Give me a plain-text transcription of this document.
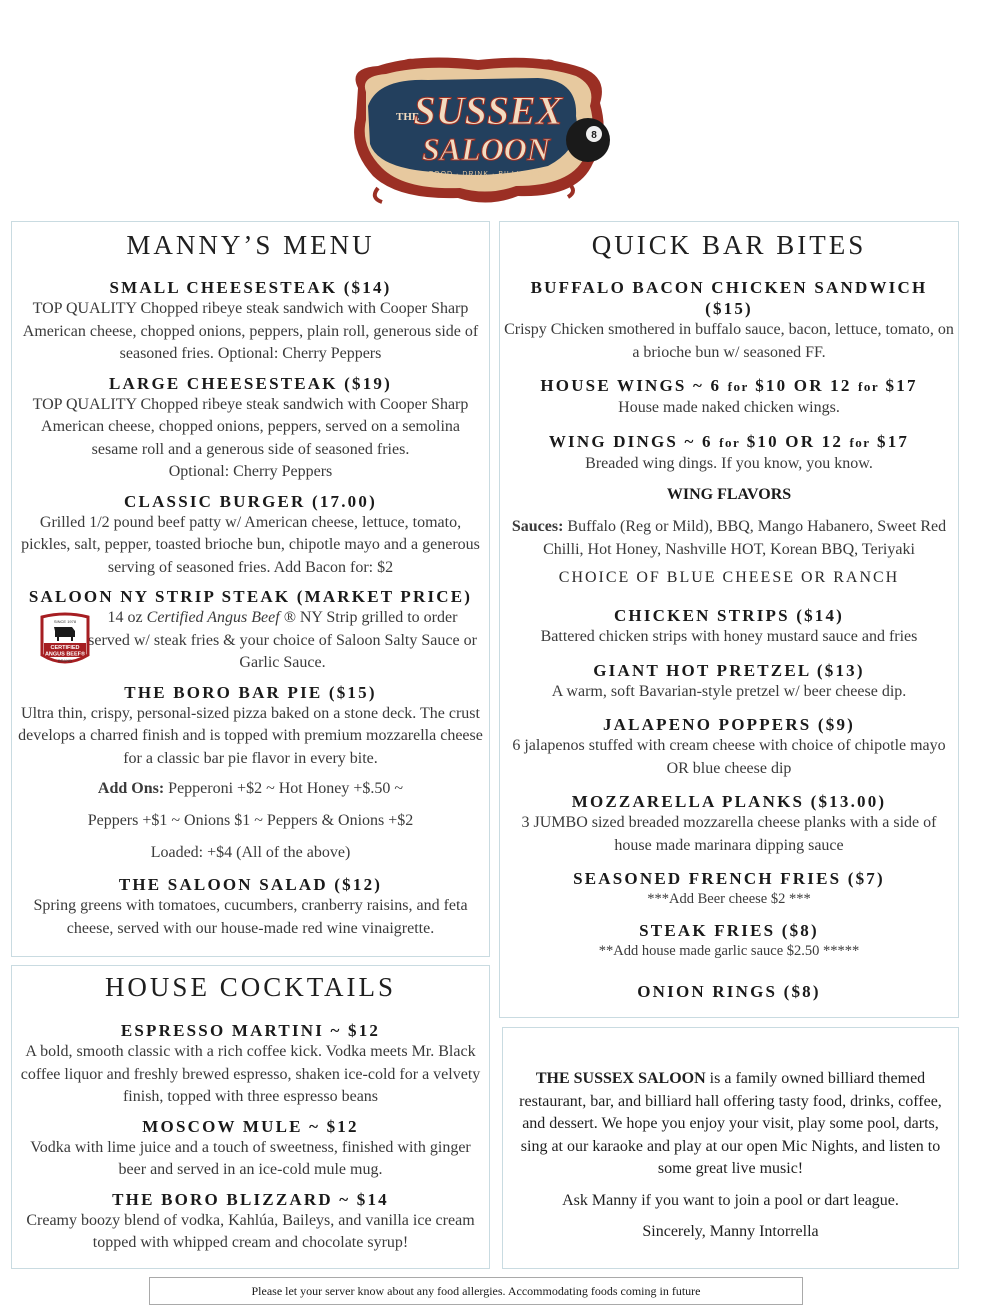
8
THE
SUSSEX
SALOON
FOOD · DRINK · BILLIARDS
MANNY’S MENU

SMALL CHEESESTEAK ($14)

TOP QUALITY Chopped ribeye steak sandwich with Cooper Sharp American cheese, chopped onions, peppers, plain roll, generous side of seasoned fries. Optional: Cherry Peppers

LARGE CHEESESTEAK ($19)

TOP QUALITY Chopped ribeye steak sandwich with Cooper Sharp American cheese, chopped onions, peppers, served on a semolina sesame roll and a generous side of seasoned fries.

Optional: Cherry Peppers

CLASSIC BURGER (17.00)

Grilled 1/2 pound beef patty w/ American cheese, lettuce, tomato, pickles, salt, pepper, toasted brioche bun, chipotle mayo and a generous serving of seasoned fries. Add Bacon for: $2

SALOON NY STRIP STEAK (MARKET PRICE)

SINCE 1978
CERTIFIED
ANGUS BEEF®
BRAND

14 oz Certified Angus Beef ® NY Strip grilled to order served w/ steak fries & your choice of Saloon Salty Sauce or Garlic Sauce.

THE BORO BAR PIE ($15)

Ultra thin, crispy, personal-sized pizza baked on a stone deck. The crust develops a charred finish and is topped with premium mozzarella cheese for a classic bar pie flavor in every bite.

Add Ons: Pepperoni +$2 ~ Hot Honey +$.50 ~

Peppers +$1 ~ Onions $1 ~ Peppers & Onions +$2

Loaded: +$4 (All of the above)

THE SALOON SALAD ($12)

Spring greens with tomatoes, cucumbers, cranberry raisins, and feta cheese, served with our house-made red wine vinaigrette.

HOUSE COCKTAILS

ESPRESSO MARTINI ~ $12

A bold, smooth classic with a rich coffee kick. Vodka meets Mr. Black coffee liquor and freshly brewed espresso, shaken ice-cold for a velvety finish, topped with three espresso beans

MOSCOW MULE ~ $12

Vodka with lime juice and a touch of sweetness, finished with ginger beer and served in an ice-cold mule mug.

THE BORO BLIZZARD ~ $14

Creamy boozy blend of vodka, Kahlúa, Baileys, and vanilla ice cream topped with whipped cream and chocolate syrup!

QUICK BAR BITES

BUFFALO BACON CHICKEN SANDWICH ($15)

Crispy Chicken smothered in buffalo sauce, bacon, lettuce, tomato, on a brioche bun w/ seasoned FF.

HOUSE WINGS ~ 6 for $10 OR 12 for $17

House made naked chicken wings.

WING DINGS ~ 6 for $10 OR 12 for $17

Breaded wing dings. If you know, you know.

WING FLAVORS

Sauces: Buffalo (Reg or Mild), BBQ, Mango Habanero, Sweet Red Chilli, Hot Honey, Nashville HOT, Korean BBQ, Teriyaki

CHOICE OF BLUE CHEESE OR RANCH

CHICKEN STRIPS ($14)

Battered chicken strips with honey mustard sauce and fries

GIANT HOT PRETZEL ($13)

A warm, soft Bavarian-style pretzel w/ beer cheese dip.

JALAPENO POPPERS ($9)

6 jalapenos stuffed with cream cheese with choice of chipotle mayo OR blue cheese dip

MOZZARELLA PLANKS ($13.00)

3 JUMBO sized breaded mozzarella cheese planks with a side of house made marinara dipping sauce

SEASONED FRENCH FRIES ($7)

***Add Beer cheese $2 ***

STEAK FRIES ($8)

**Add house made garlic sauce $2.50 *****

ONION RINGS ($8)

THE SUSSEX SALOON is a family owned billiard themed restaurant, bar, and billiard hall offering tasty food, drinks, coffee, and dessert. We hope you enjoy your visit, play some pool, darts, sing at our karaoke and play at our open Mic Nights, and listen to some great live music!

Ask Manny if you want to join a pool or dart league.

Sincerely, Manny Intorrella

Please let your server know about any food allergies. Accommodating foods coming in future
